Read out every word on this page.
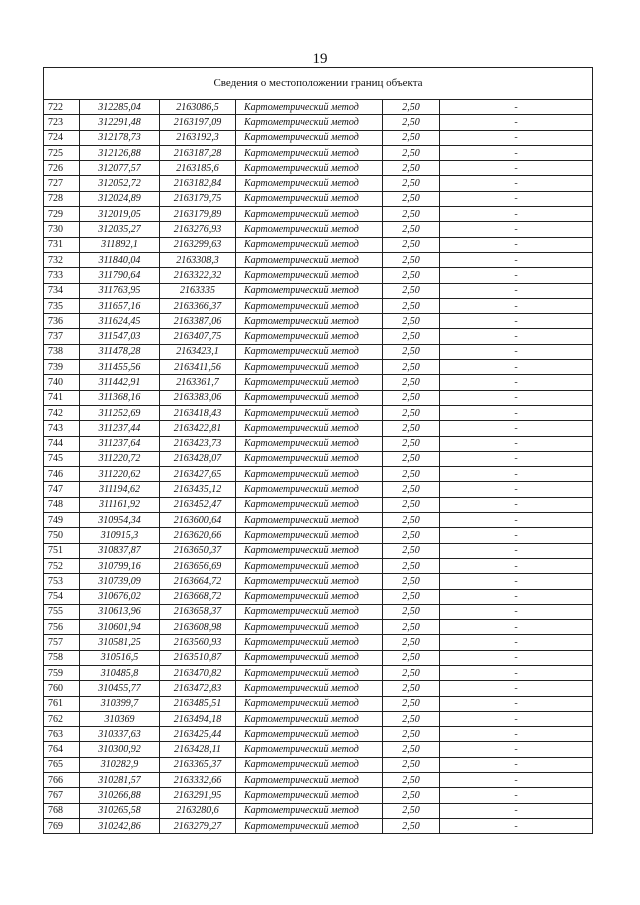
19
Сведения о местоположении границ объекта					
722	312285,04	2163086,5	Картометрический метод	2,50	-
723	312291,48	2163197,09	Картометрический метод	2,50	-
724	312178,73	2163192,3	Картометрический метод	2,50	-
725	312126,88	2163187,28	Картометрический метод	2,50	-
726	312077,57	2163185,6	Картометрический метод	2,50	-
727	312052,72	2163182,84	Картометрический метод	2,50	-
728	312024,89	2163179,75	Картометрический метод	2,50	-
729	312019,05	2163179,89	Картометрический метод	2,50	-
730	312035,27	2163276,93	Картометрический метод	2,50	-
731	311892,1	2163299,63	Картометрический метод	2,50	-
732	311840,04	2163308,3	Картометрический метод	2,50	-
733	311790,64	2163322,32	Картометрический метод	2,50	-
734	311763,95	2163335	Картометрический метод	2,50	-
735	311657,16	2163366,37	Картометрический метод	2,50	-
736	311624,45	2163387,06	Картометрический метод	2,50	-
737	311547,03	2163407,75	Картометрический метод	2,50	-
738	311478,28	2163423,1	Картометрический метод	2,50	-
739	311455,56	2163411,56	Картометрический метод	2,50	-
740	311442,91	2163361,7	Картометрический метод	2,50	-
741	311368,16	2163383,06	Картометрический метод	2,50	-
742	311252,69	2163418,43	Картометрический метод	2,50	-
743	311237,44	2163422,81	Картометрический метод	2,50	-
744	311237,64	2163423,73	Картометрический метод	2,50	-
745	311220,72	2163428,07	Картометрический метод	2,50	-
746	311220,62	2163427,65	Картометрический метод	2,50	-
747	311194,62	2163435,12	Картометрический метод	2,50	-
748	311161,92	2163452,47	Картометрический метод	2,50	-
749	310954,34	2163600,64	Картометрический метод	2,50	-
750	310915,3	2163620,66	Картометрический метод	2,50	-
751	310837,87	2163650,37	Картометрический метод	2,50	-
752	310799,16	2163656,69	Картометрический метод	2,50	-
753	310739,09	2163664,72	Картометрический метод	2,50	-
754	310676,02	2163668,72	Картометрический метод	2,50	-
755	310613,96	2163658,37	Картометрический метод	2,50	-
756	310601,94	2163608,98	Картометрический метод	2,50	-
757	310581,25	2163560,93	Картометрический метод	2,50	-
758	310516,5	2163510,87	Картометрический метод	2,50	-
759	310485,8	2163470,82	Картометрический метод	2,50	-
760	310455,77	2163472,83	Картометрический метод	2,50	-
761	310399,7	2163485,51	Картометрический метод	2,50	-
762	310369	2163494,18	Картометрический метод	2,50	-
763	310337,63	2163425,44	Картометрический метод	2,50	-
764	310300,92	2163428,11	Картометрический метод	2,50	-
765	310282,9	2163365,37	Картометрический метод	2,50	-
766	310281,57	2163332,66	Картометрический метод	2,50	-
767	310266,88	2163291,95	Картометрический метод	2,50	-
768	310265,58	2163280,6	Картометрический метод	2,50	-
769	310242,86	2163279,27	Картометрический метод	2,50	-
